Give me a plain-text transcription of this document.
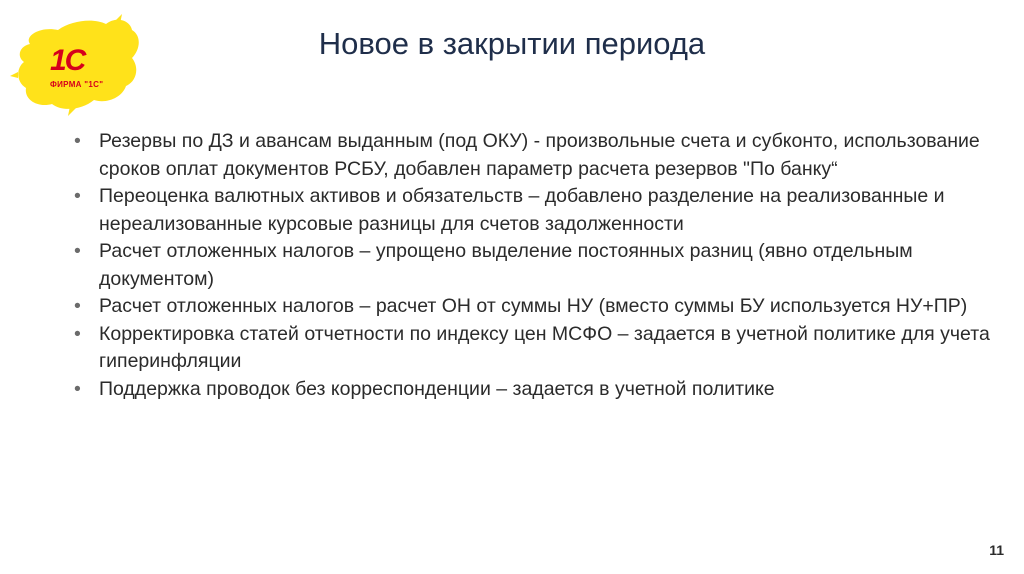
1С
ФИРМА "1С"
Новое в закрытии периода
• Резервы по ДЗ и авансам выданным (под ОКУ) - произвольные счета и субконто, использование сроков оплат документов РСБУ, добавлен параметр расчета резервов "По банку“
• Переоценка валютных активов и обязательств – добавлено разделение на реализованные и нереализованные курсовые разницы для счетов задолженности
• Расчет отложенных налогов – упрощено выделение постоянных разниц (явно отдельным документом)
• Расчет отложенных налогов – расчет ОН от суммы НУ (вместо суммы БУ используется НУ+ПР)
• Корректировка статей отчетности по индексу цен МСФО – задается в учетной политике для учета гиперинфляции
• Поддержка проводок без корреспонденции – задается в учетной политике
11
